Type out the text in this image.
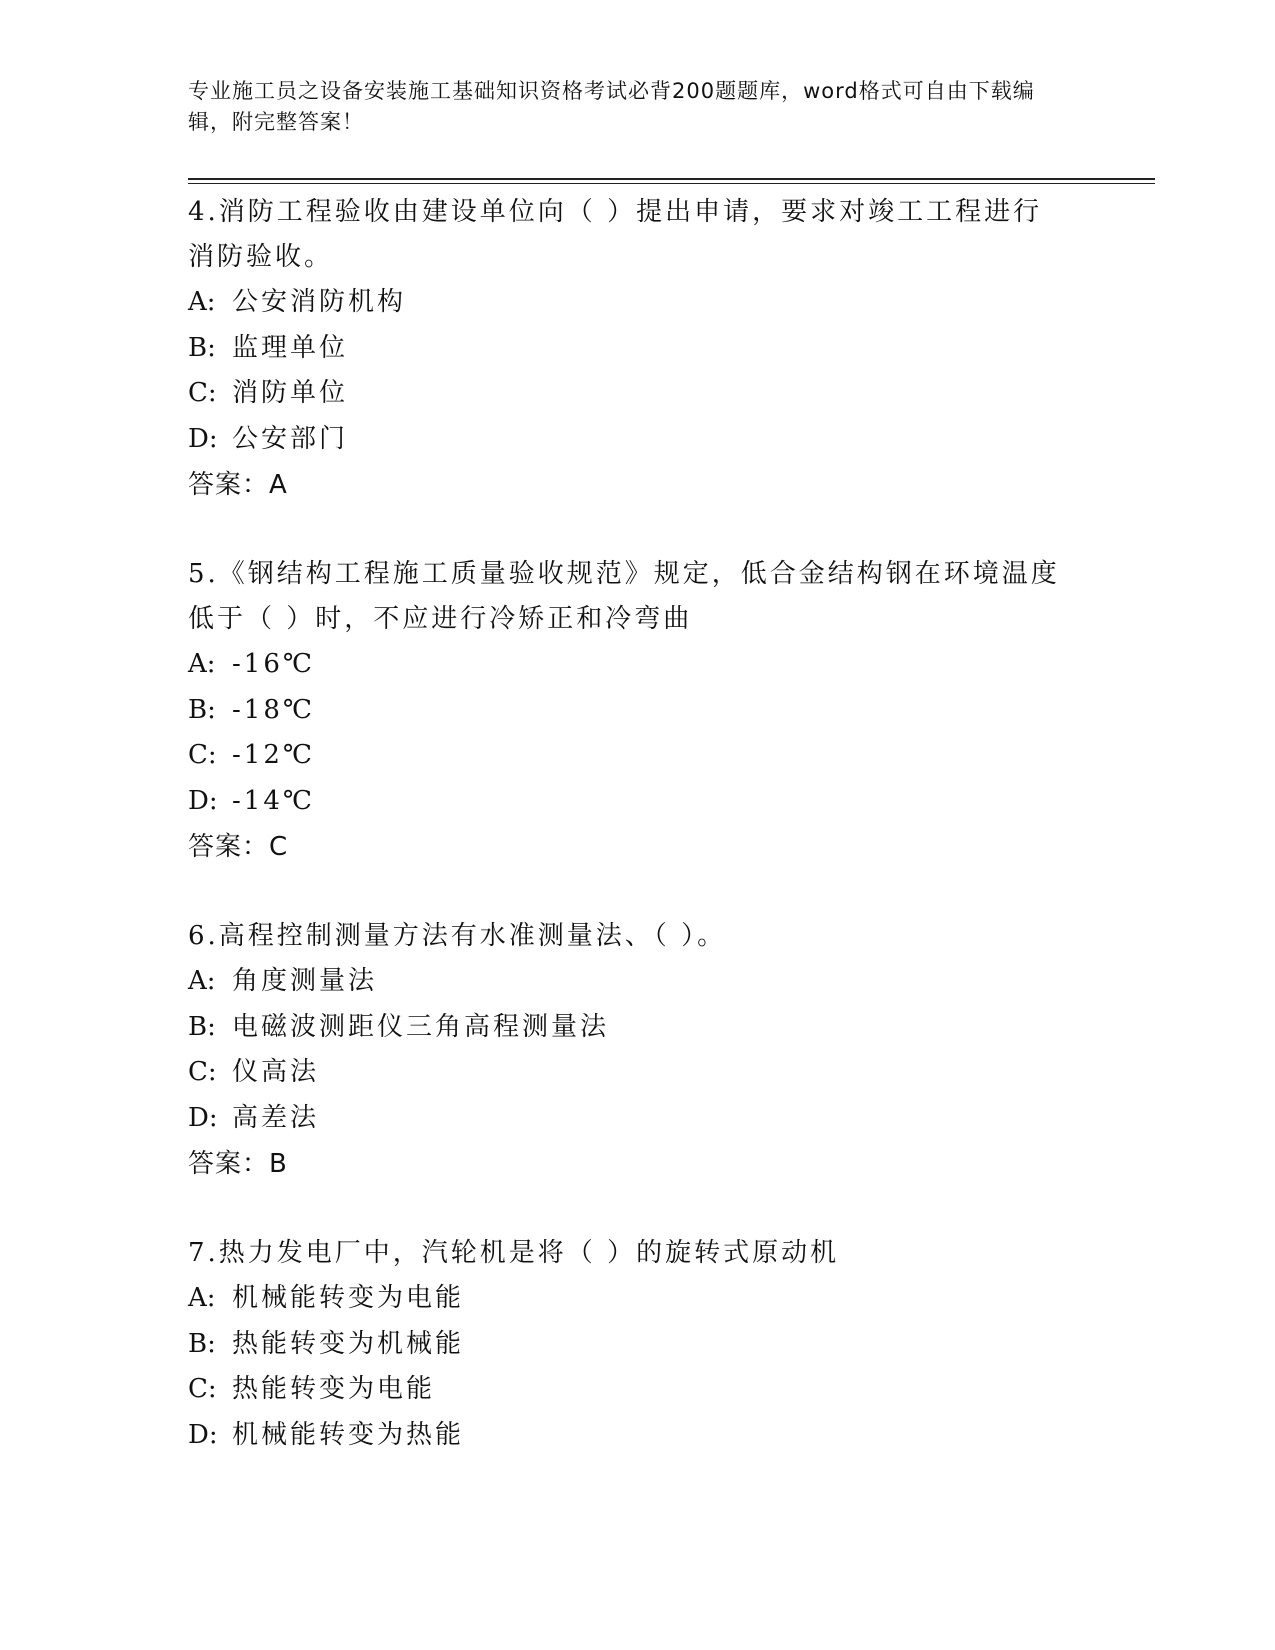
专业施工员之设备安装施工基础知识资格考试必背200题题库，word格式可自由下载编辑，附完整答案！
4.消防工程验收由建设单位向（ ）提出申请，要求对竣工工程进行消防验收。
A: 公安消防机构
B: 监理单位
C: 消防单位
D: 公安部门
答案：A
5.《钢结构工程施工质量验收规范》规定，低合金结构钢在环境温度低于（ ）时，不应进行冷矫正和冷弯曲
A: -16℃
B: -18℃
C: -12℃
D: -14℃
答案：C
6.高程控制测量方法有水准测量法、（ ）。
A: 角度测量法
B: 电磁波测距仪三角高程测量法
C: 仪高法
D: 高差法
答案：B
7.热力发电厂中，汽轮机是将（ ）的旋转式原动机
A: 机械能转变为电能
B: 热能转变为机械能
C: 热能转变为电能
D: 机械能转变为热能
